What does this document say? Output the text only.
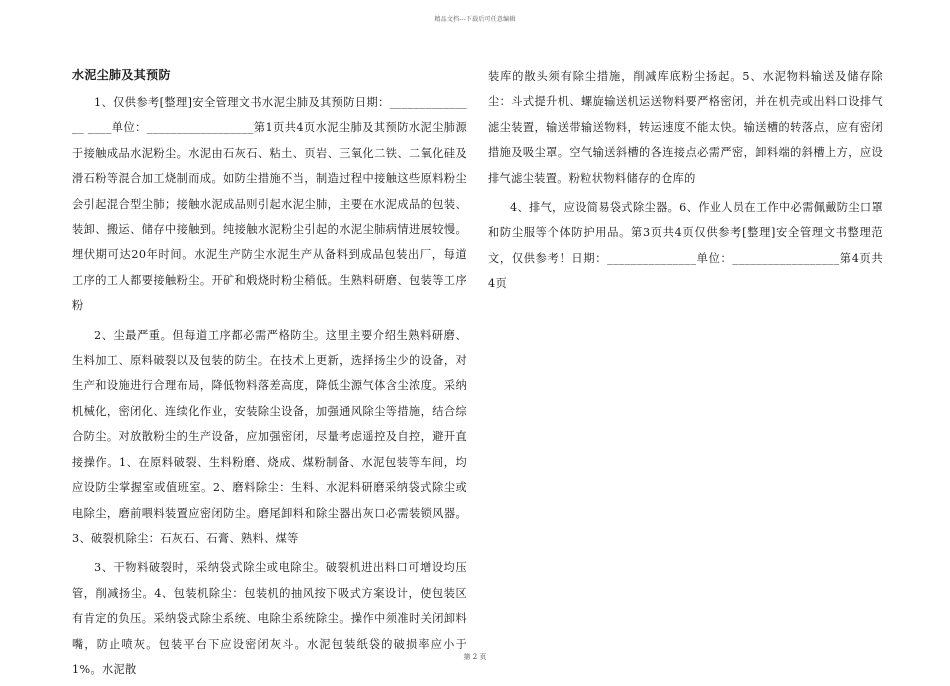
精品文档---下载后可任意编辑
水泥尘肺及其预防

1、仅供参考[整理]安全管理文书水泥尘肺及其预防日期：_______________ ____单位：__________________第1页共4页水泥尘肺及其预防水泥尘肺源于接触成品水泥粉尘。水泥由石灰石、粘土、页岩、三氧化二铁、二氧化硅及滑石粉等混合加工烧制而成。如防尘措施不当，制造过程中接触这些原料粉尘会引起混合型尘肺；接触水泥成品则引起水泥尘肺，主要在水泥成品的包装、装卸、搬运、储存中接触到。纯接触水泥粉尘引起的水泥尘肺病情进展较慢。埋伏期可达20年时间。水泥生产防尘水泥生产从备料到成品包装出厂，每道工序的工人都要接触粉尘。开矿和煅烧时粉尘稍低。生熟料研磨、包装等工序粉

2、尘最严重。但每道工序都必需严格防尘。这里主要介绍生熟料研磨、生料加工、原料破裂以及包装的防尘。在技术上更新，选择扬尘少的设备，对生产和设施进行合理布局，降低物料落差高度，降低尘源气体含尘浓度。采纳机械化，密闭化、连续化作业，安装除尘设备，加强通风除尘等措施，结合综合防尘。对放散粉尘的生产设备，应加强密闭，尽量考虑遥控及自控，避开直接操作。1、在原料破裂、生料粉磨、烧成、煤粉制备、水泥包装等车间，均应设防尘掌握室或值班室。2、磨料除尘：生料、水泥料研磨采纳袋式除尘或电除尘，磨前喂料装置应密闭防尘。磨尾卸料和除尘器出灰口必需装锁风器。3、破裂机除尘：石灰石、石膏、熟料、煤等

3、干物料破裂时，采纳袋式除尘或电除尘。破裂机进出料口可增设均压管，削减扬尘。4、包装机除尘：包装机的抽风按下吸式方案设计，使包装区有肯定的负压。采纳袋式除尘系统、电除尘系统除尘。操作中须准时关闭卸料嘴，防止喷灰。包装平台下应设密闭灰斗。水泥包装纸袋的破损率应小于1%。水泥散

装库的散头须有除尘措施，削减库底粉尘扬起。5、水泥物料输送及储存除尘：斗式提升机、螺旋输送机运送物料要严格密闭，并在机壳或出料口设排气滤尘装置，输送带输送物料，转运速度不能太快。输送槽的转落点，应有密闭措施及吸尘罩。空气输送斜槽的各连接点必需严密，卸料端的斜槽上方，应设排气滤尘装置。粉粒状物料储存的仓库的

4、排气，应设简易袋式除尘器。6、作业人员在工作中必需佩戴防尘口罩和防尘服等个体防护用品。第3页共4页仅供参考[整理]安全管理文书整理范文，仅供参考！日期：_______________单位：__________________第4页共4页

第 2 页
